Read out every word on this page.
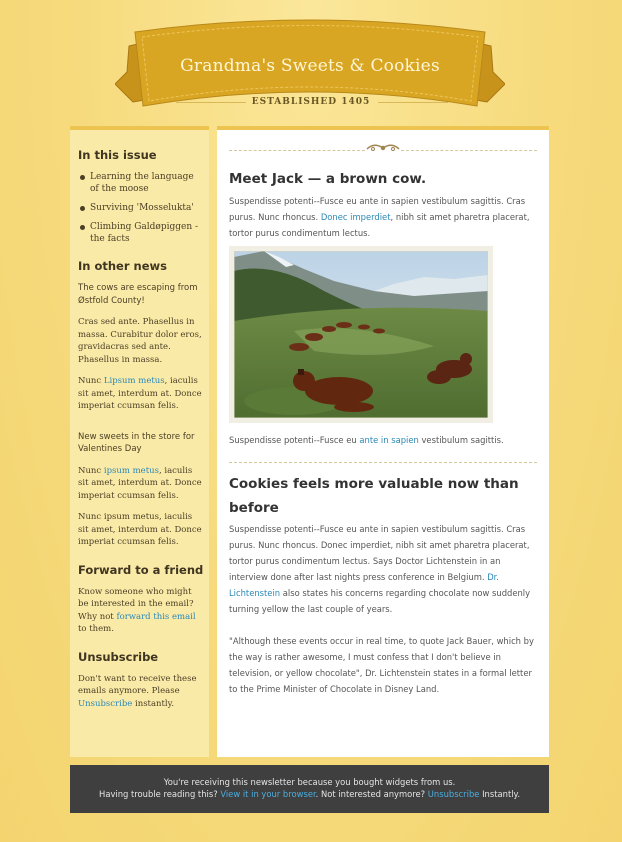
Grandma's Sweets & Cookies
ESTABLISHED 1405
In this issue
Learning the language of the moose
Surviving 'Mosselukta'
Climbing Galdøpiggen - the facts
In other news

The cows are escaping from Østfold County!

Cras sed ante. Phasellus in massa. Curabitur dolor eros, gravidacras sed ante. Phasellus in massa.

Nunc Lipsum metus, iaculis sit amet, interdum at. Donce imperiat ccumsan felis.

New sweets in the store for Valentines Day

Nunc ipsum metus, iaculis sit amet, interdum at. Donce imperiat ccumsan felis.

Nunc ipsum metus, iaculis sit amet, interdum at. Donce imperiat ccumsan felis.

Forward to a friend

Know someone who might be interested in the email? Why not forward this email to them.

Unsubscribe

Don't want to receive these emails anymore. Please Unsubscribe instantly.

Meet Jack — a brown cow.

Suspendisse potenti--Fusce eu ante in sapien vestibulum sagittis. Cras purus. Nunc rhoncus. Donec imperdiet, nibh sit amet pharetra placerat, tortor purus condimentum lectus.

Suspendisse potenti--Fusce eu ante in sapien vestibulum sagittis.

Cookies feels more valuable now than before

Suspendisse potenti--Fusce eu ante in sapien vestibulum sagittis. Cras purus. Nunc rhoncus. Donec imperdiet, nibh sit amet pharetra placerat, tortor purus condimentum lectus. Says Doctor Lichtenstein in an interview done after last nights press conference in Belgium. Dr. Lichtenstein also states his concerns regarding chocolate now suddenly turning yellow the last couple of years.

"Although these events occur in real time, to quote Jack Bauer, which by the way is rather awesome, I must confess that I don't believe in television, or yellow chocolate", Dr. Lichtenstein states in a formal letter to the Prime Minister of Chocolate in Disney Land.

You're receiving this newsletter because you bought widgets from us.
Having trouble reading this? View it in your browser. Not interested anymore? Unsubscribe Instantly.
